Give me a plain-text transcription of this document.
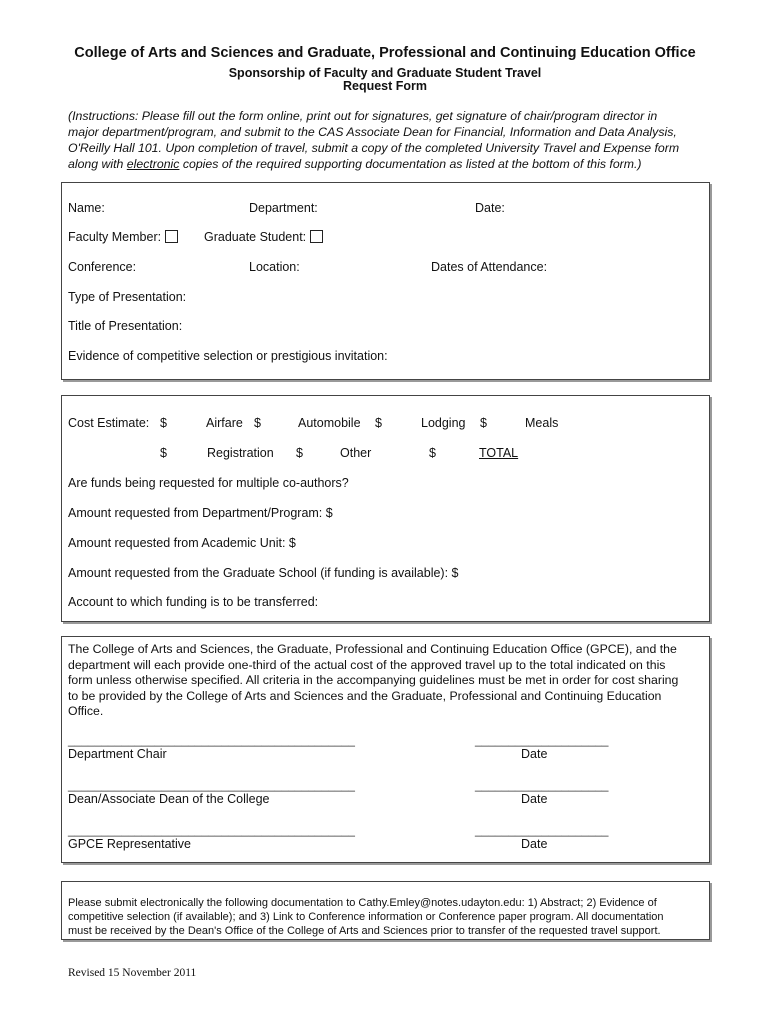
College of Arts and Sciences and Graduate, Professional and Continuing Education Office
Sponsorship of Faculty and Graduate Student Travel
Request Form
(Instructions: Please fill out the form online, print out for signatures, get signature of chair/program director in
major department/program, and submit to the CAS Associate Dean for Financial, Information and Data Analysis,
O'Reilly Hall 101. Upon completion of travel, submit a copy of the completed University Travel and Expense form
along with electronic copies of the required supporting documentation as listed at the bottom of this form.)
Name:	Department:	Date:
Faculty Member:	Graduate Student:
Conference:	Location:	Dates of Attendance:
Type of Presentation:
Title of Presentation:
Evidence of competitive selection or prestigious invitation:
Cost Estimate: $	Airfare $	Automobile $	Lodging $	Meals
$	Registration $	Other	$	TOTAL
Are funds being requested for multiple co-authors?
Amount requested from Department/Program: $
Amount requested from Academic Unit: $
Amount requested from the Graduate School (if funding is available): $
Account to which funding is to be transferred:
The College of Arts and Sciences, the Graduate, Professional and Continuing Education Office (GPCE), and the
department will each provide one-third of the actual cost of the approved travel up to the total indicated on this
form unless otherwise specified. All criteria in the accompanying guidelines must be met in order for cost sharing
to be provided by the College of Arts and Sciences and the Graduate, Professional and Continuing Education
Office.
___________________________________________	____________________
Department Chair	Date
___________________________________________	____________________
Dean/Associate Dean of the College	Date
___________________________________________	____________________
GPCE Representative	Date
Please submit electronically the following documentation to Cathy.Emley@notes.udayton.edu: 1) Abstract; 2) Evidence of
competitive selection (if available); and 3) Link to Conference information or Conference paper program. All documentation
must be received by the Dean's Office of the College of Arts and Sciences prior to transfer of the requested travel support.
Revised 15 November 2011
